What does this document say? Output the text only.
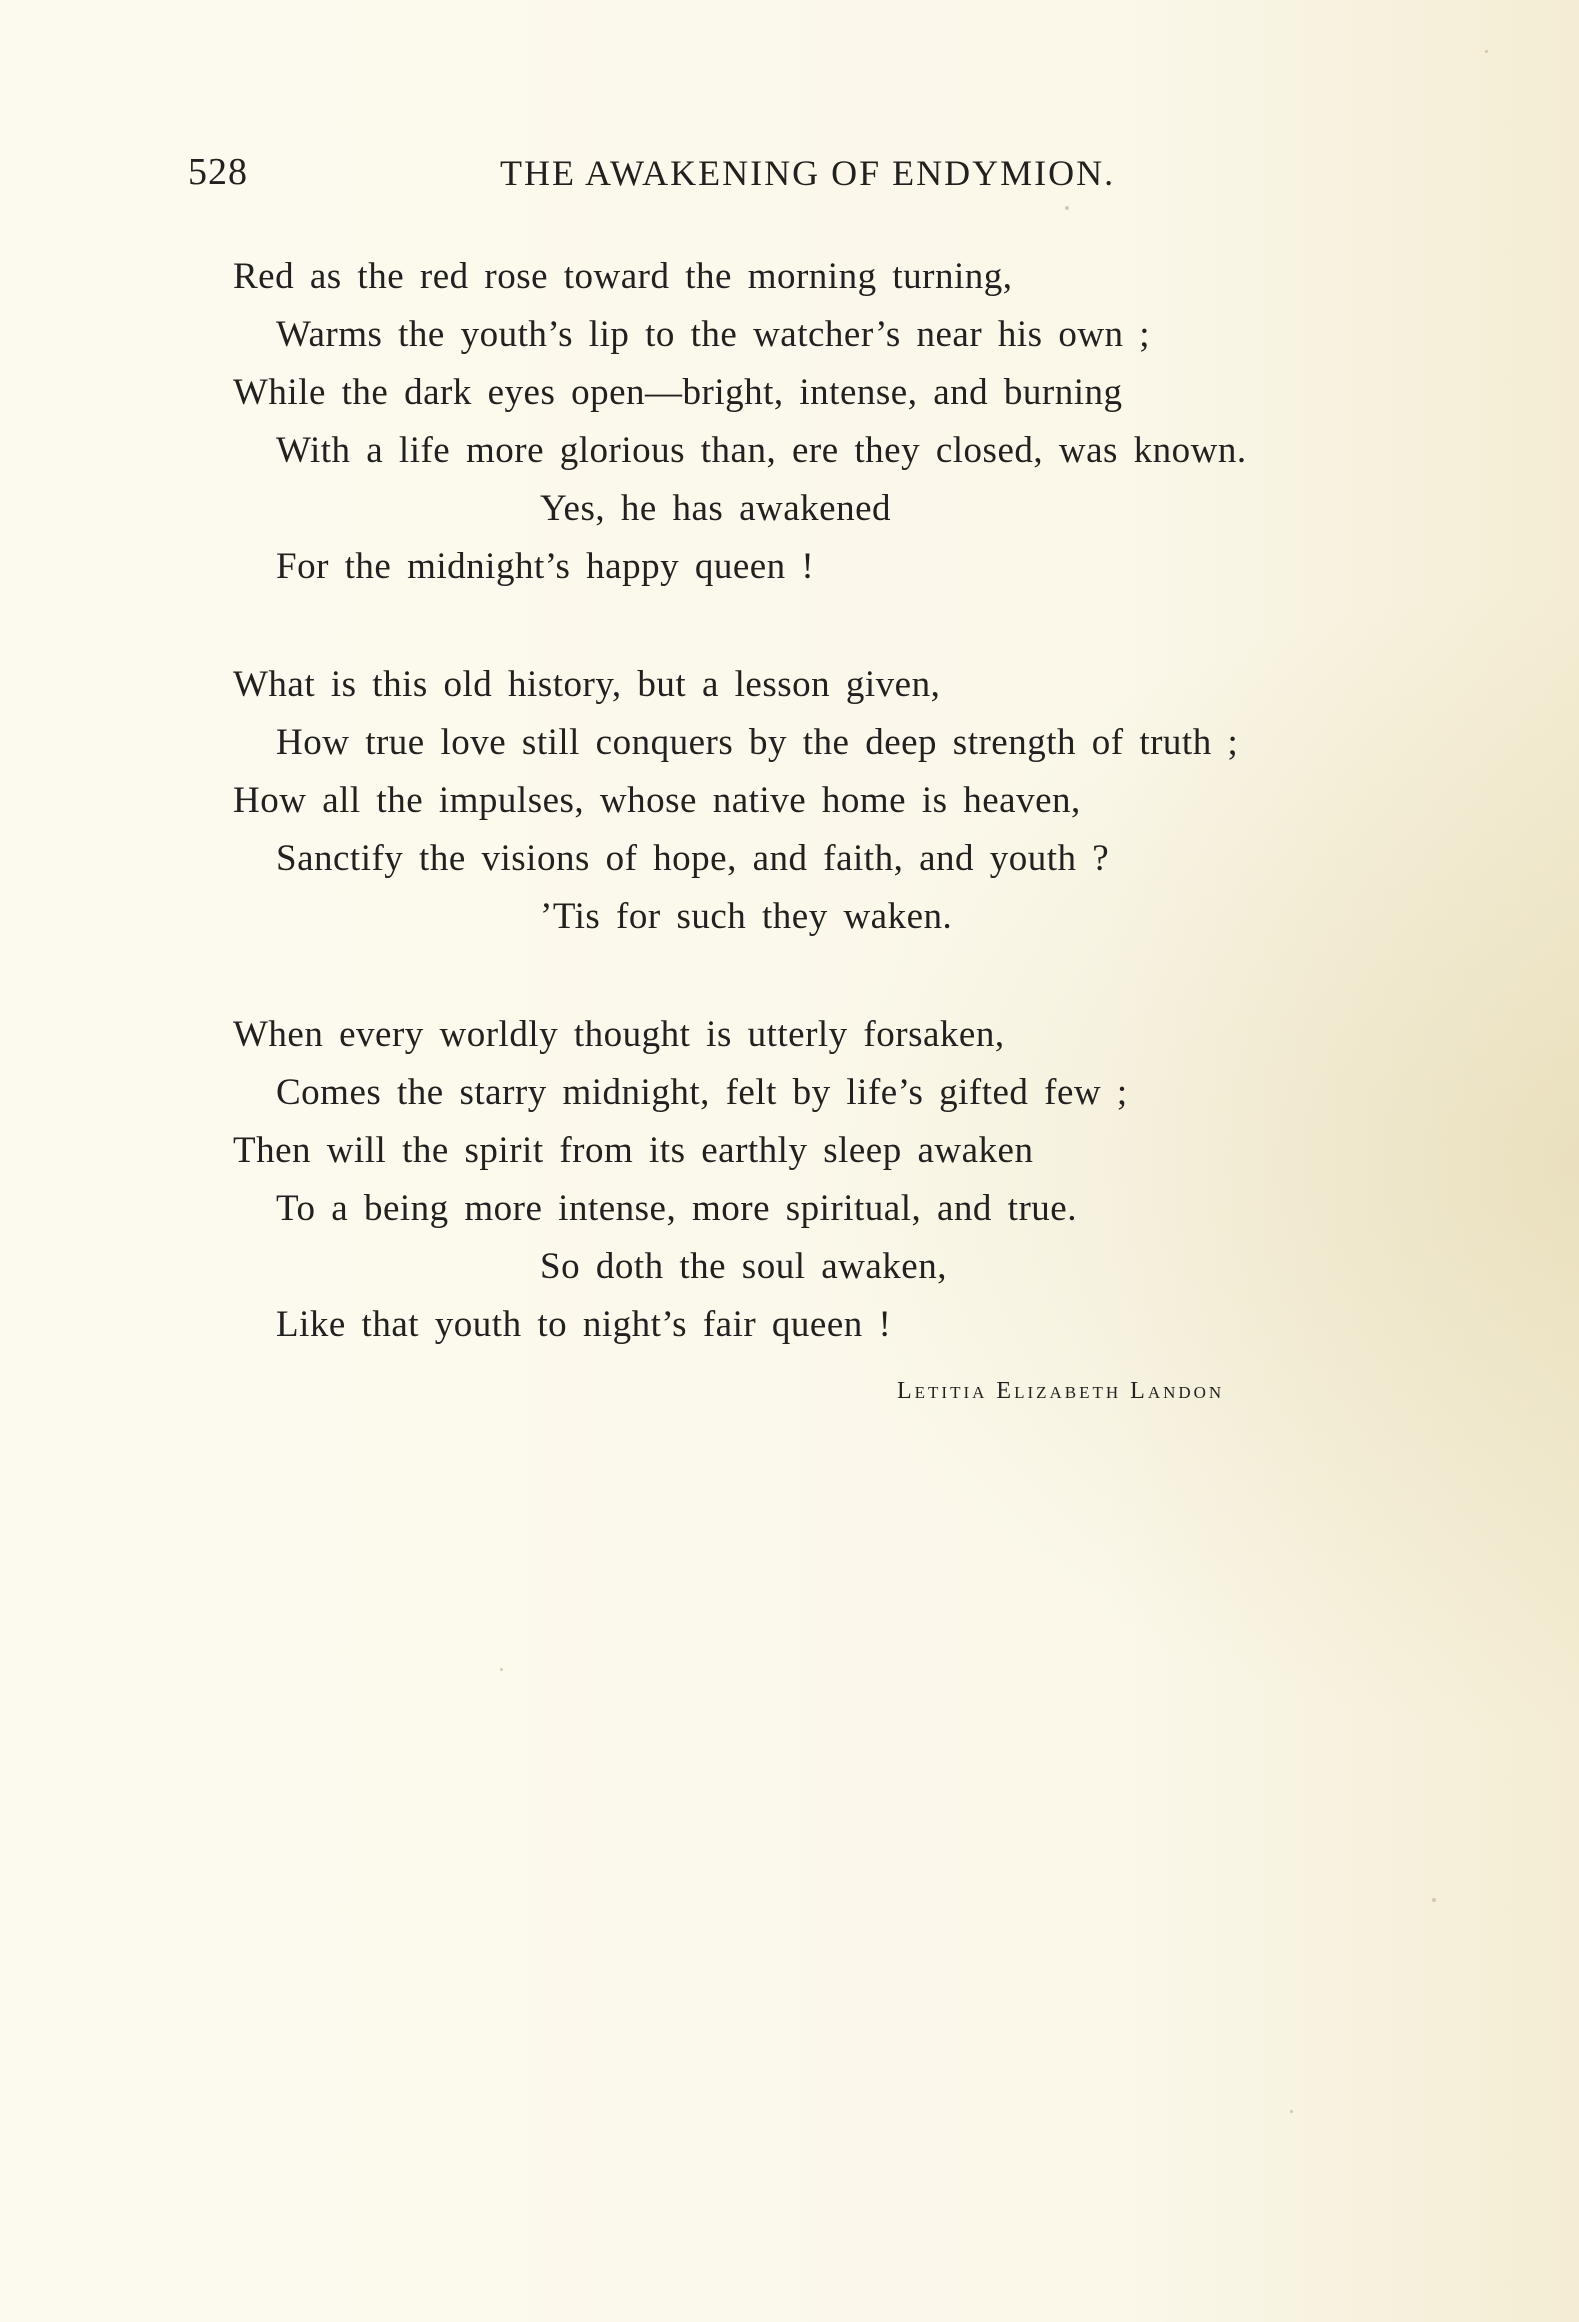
528	THE AWAKENING OF ENDYMION.
Red as the red rose toward the morning turning,
Warms the youth’s lip to the watcher’s near his own ;
While the dark eyes open—bright, intense, and burning
With a life more glorious than, ere they closed, was known.
Yes, he has awakened
For the midnight’s happy queen !
What is this old history, but a lesson given,
How true love still conquers by the deep strength of truth ;
How all the impulses, whose native home is heaven,
Sanctify the visions of hope, and faith, and youth ?
’Tis for such they waken.
When every worldly thought is utterly forsaken,
Comes the starry midnight, felt by life’s gifted few ;
Then will the spirit from its earthly sleep awaken
To a being more intense, more spiritual, and true.
So doth the soul awaken,
Like that youth to night’s fair queen !
Letitia Elizabeth Landon
